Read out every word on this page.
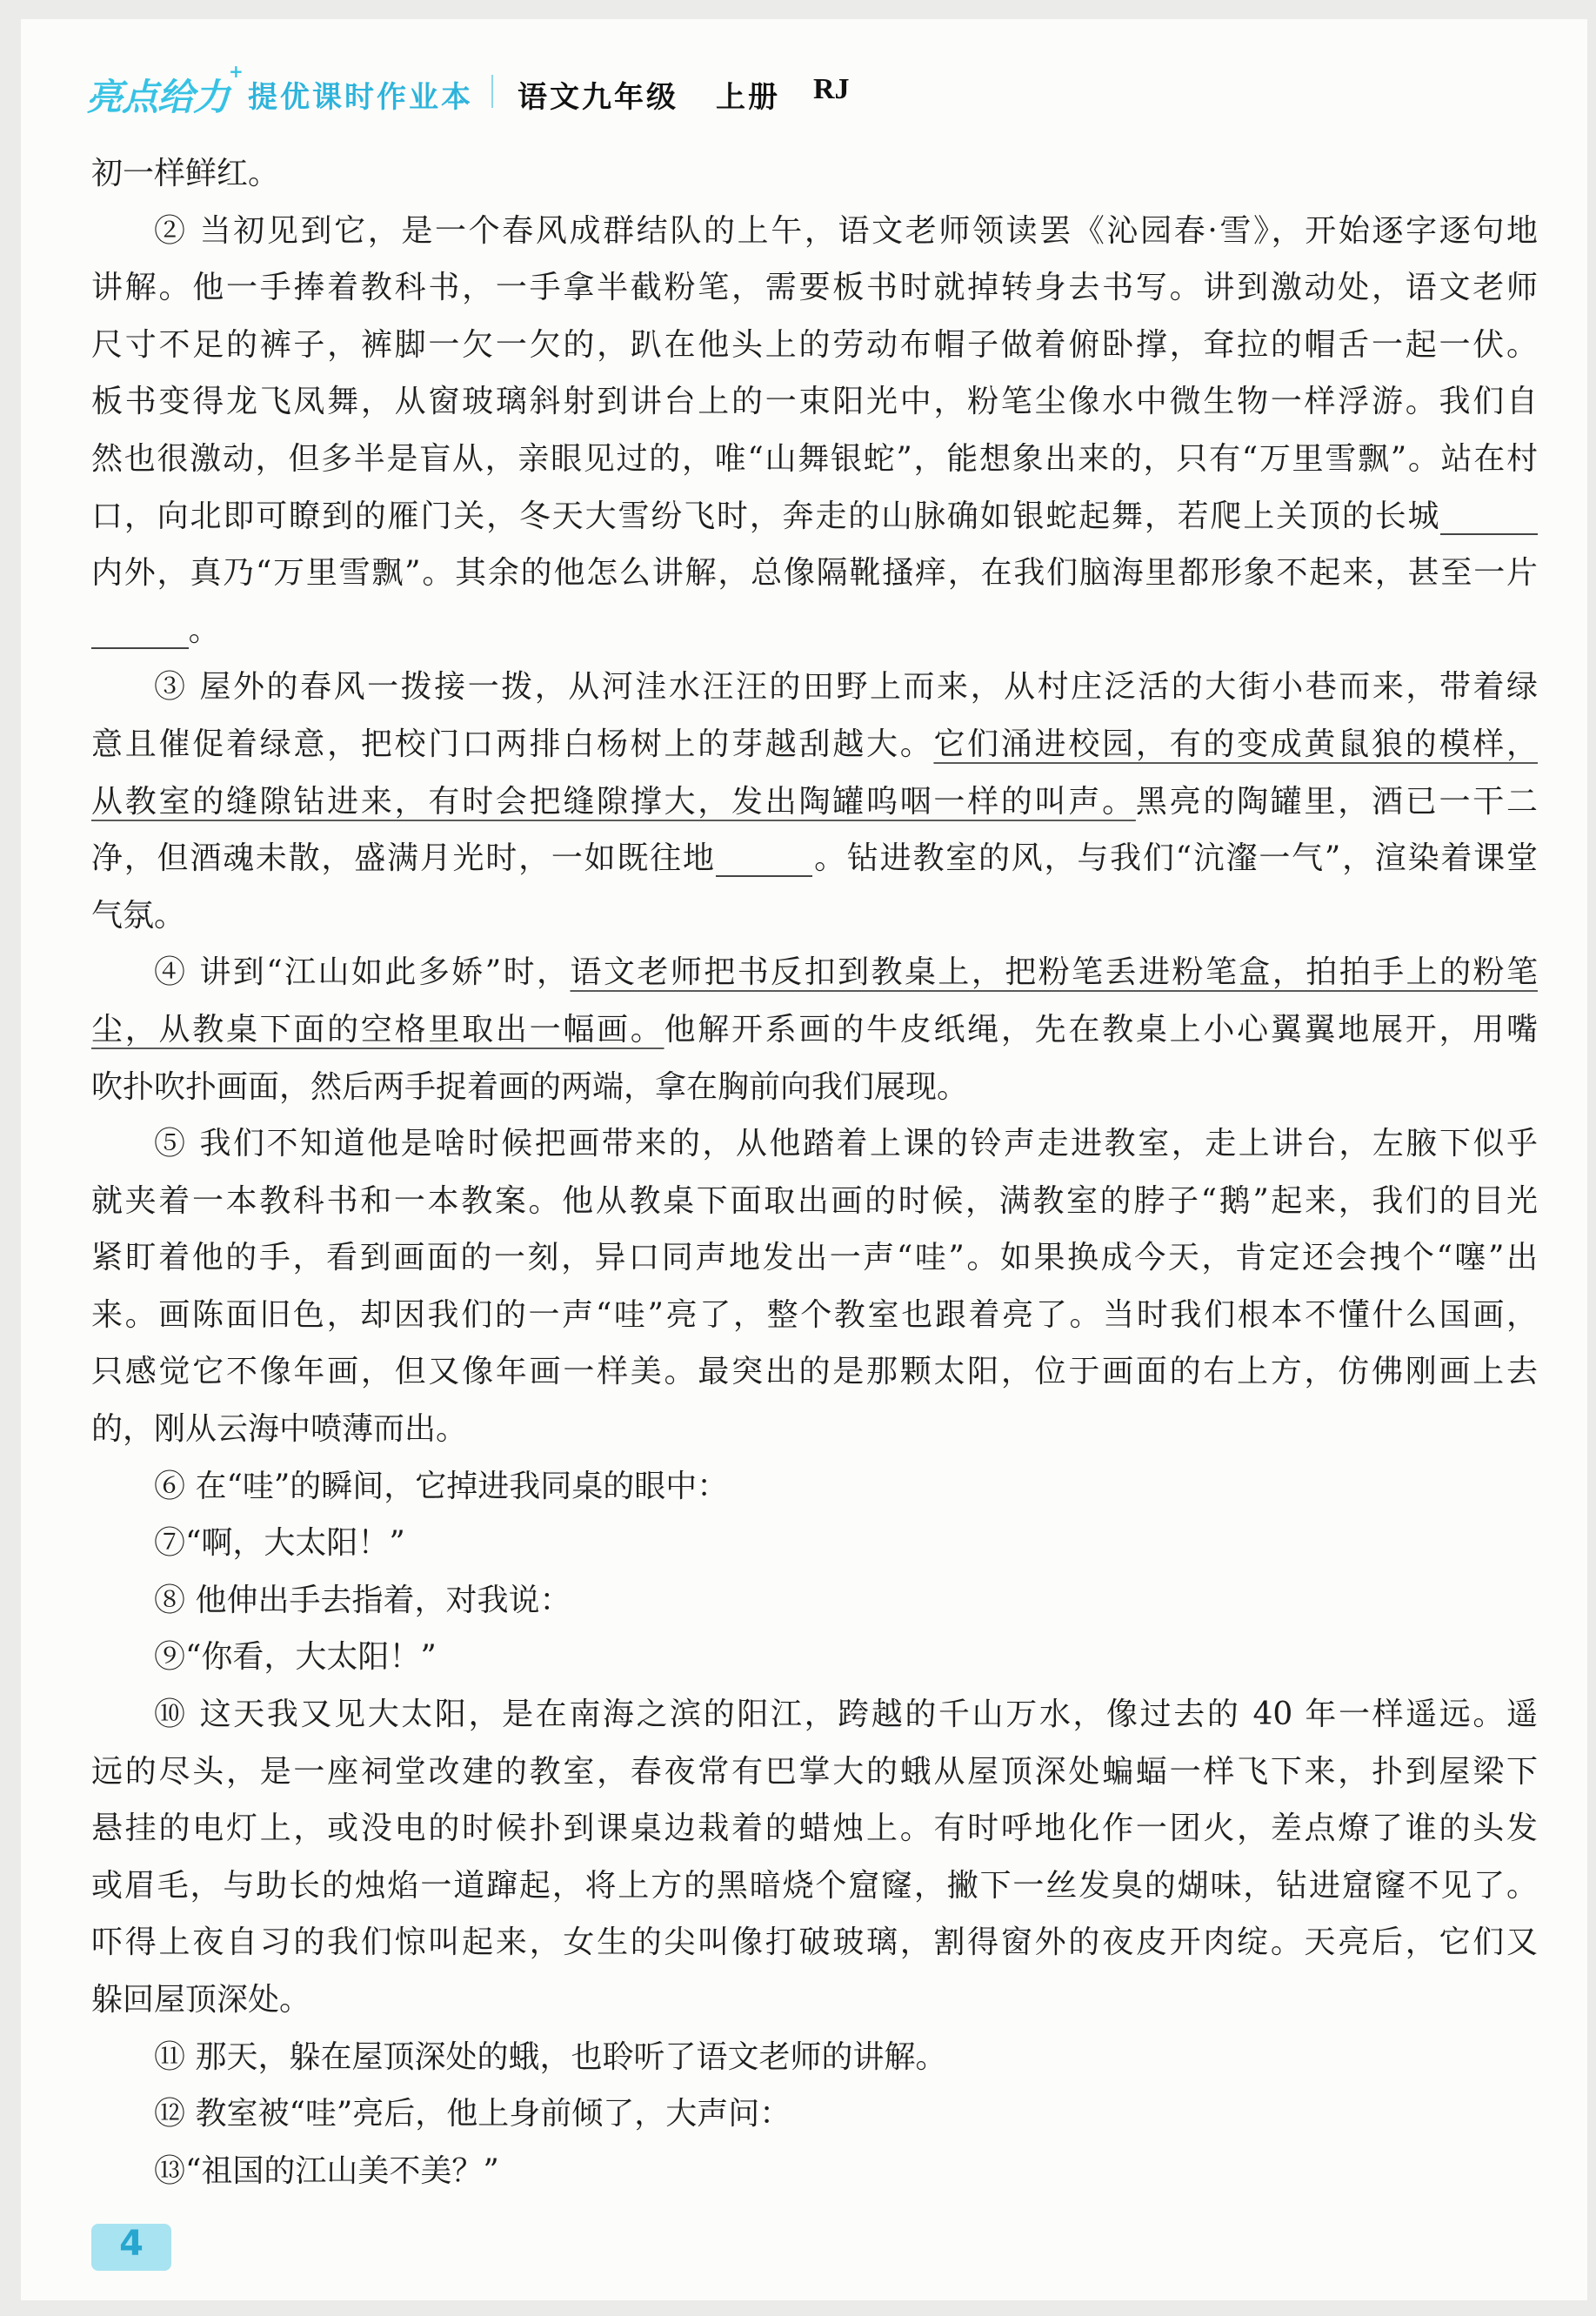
亮点给力
+
提优课时作业本 语文九年级 上册 RJ
初一样鲜红。
② 当初见到它，是一个春风成群结队的上午，语文老师领读罢《沁园春·雪》，开始逐字逐句地
讲解。他一手捧着教科书，一手拿半截粉笔，需要板书时就掉转身去书写。讲到激动处，语文老师
尺寸不足的裤子，裤脚一欠一欠的，趴在他头上的劳动布帽子做着俯卧撑，耷拉的帽舌一起一伏。
板书变得龙飞凤舞，从窗玻璃斜射到讲台上的一束阳光中，粉笔尘像水中微生物一样浮游。我们自
然也很激动，但多半是盲从，亲眼见过的，唯“山舞银蛇”，能想象出来的，只有“万里雪飘”。站在村
口，向北即可瞭到的雁门关，冬天大雪纷飞时，奔走的山脉确如银蛇起舞，若爬上关顶的长城
内外，真乃“万里雪飘”。其余的他怎么讲解，总像隔靴搔痒，在我们脑海里都形象不起来，甚至一片
。
③ 屋外的春风一拨接一拨，从河洼水汪汪的田野上而来，从村庄泛活的大街小巷而来，带着绿
意且催促着绿意，把校门口两排白杨树上的芽越刮越大。它们涌进校园，有的变成黄鼠狼的模样，
从教室的缝隙钻进来，有时会把缝隙撑大，发出陶罐呜咽一样的叫声。黑亮的陶罐里，酒已一干二
净，但酒魂未散，盛满月光时，一如既往地	。钻进教室的风，与我们“沆瀣一气”，渲染着课堂
气氛。
④ 讲到“江山如此多娇”时，语文老师把书反扣到教桌上，把粉笔丢进粉笔盒，拍拍手上的粉笔
尘，从教桌下面的空格里取出一幅画。他解开系画的牛皮纸绳，先在教桌上小心翼翼地展开，用嘴
吹扑吹扑画面，然后两手捉着画的两端，拿在胸前向我们展现。
⑤ 我们不知道他是啥时候把画带来的，从他踏着上课的铃声走进教室，走上讲台，左腋下似乎
就夹着一本教科书和一本教案。他从教桌下面取出画的时候，满教室的脖子“鹅”起来，我们的目光
紧盯着他的手，看到画面的一刻，异口同声地发出一声“哇”。如果换成今天，肯定还会拽个“噻”出
来。画陈面旧色，却因我们的一声“哇”亮了，整个教室也跟着亮了。当时我们根本不懂什么国画，
只感觉它不像年画，但又像年画一样美。最突出的是那颗太阳，位于画面的右上方，仿佛刚画上去
的，刚从云海中喷薄而出。
⑥ 在“哇”的瞬间，它掉进我同桌的眼中：
⑦“啊，大太阳！”
⑧ 他伸出手去指着，对我说：
⑨“你看，大太阳！”
⑩ 这天我又见大太阳，是在南海之滨的阳江，跨越的千山万水，像过去的 40 年一样遥远。遥
远的尽头，是一座祠堂改建的教室，春夜常有巴掌大的蛾从屋顶深处蝙蝠一样飞下来，扑到屋梁下
悬挂的电灯上，或没电的时候扑到课桌边栽着的蜡烛上。有时呼地化作一团火，差点燎了谁的头发
或眉毛，与助长的烛焰一道蹿起，将上方的黑暗烧个窟窿，撇下一丝发臭的煳味，钻进窟窿不见了。
吓得上夜自习的我们惊叫起来，女生的尖叫像打破玻璃，割得窗外的夜皮开肉绽。天亮后，它们又
躲回屋顶深处。
⑪ 那天，躲在屋顶深处的蛾，也聆听了语文老师的讲解。
⑫ 教室被“哇”亮后，他上身前倾了，大声问：
⑬“祖国的江山美不美？”
4
